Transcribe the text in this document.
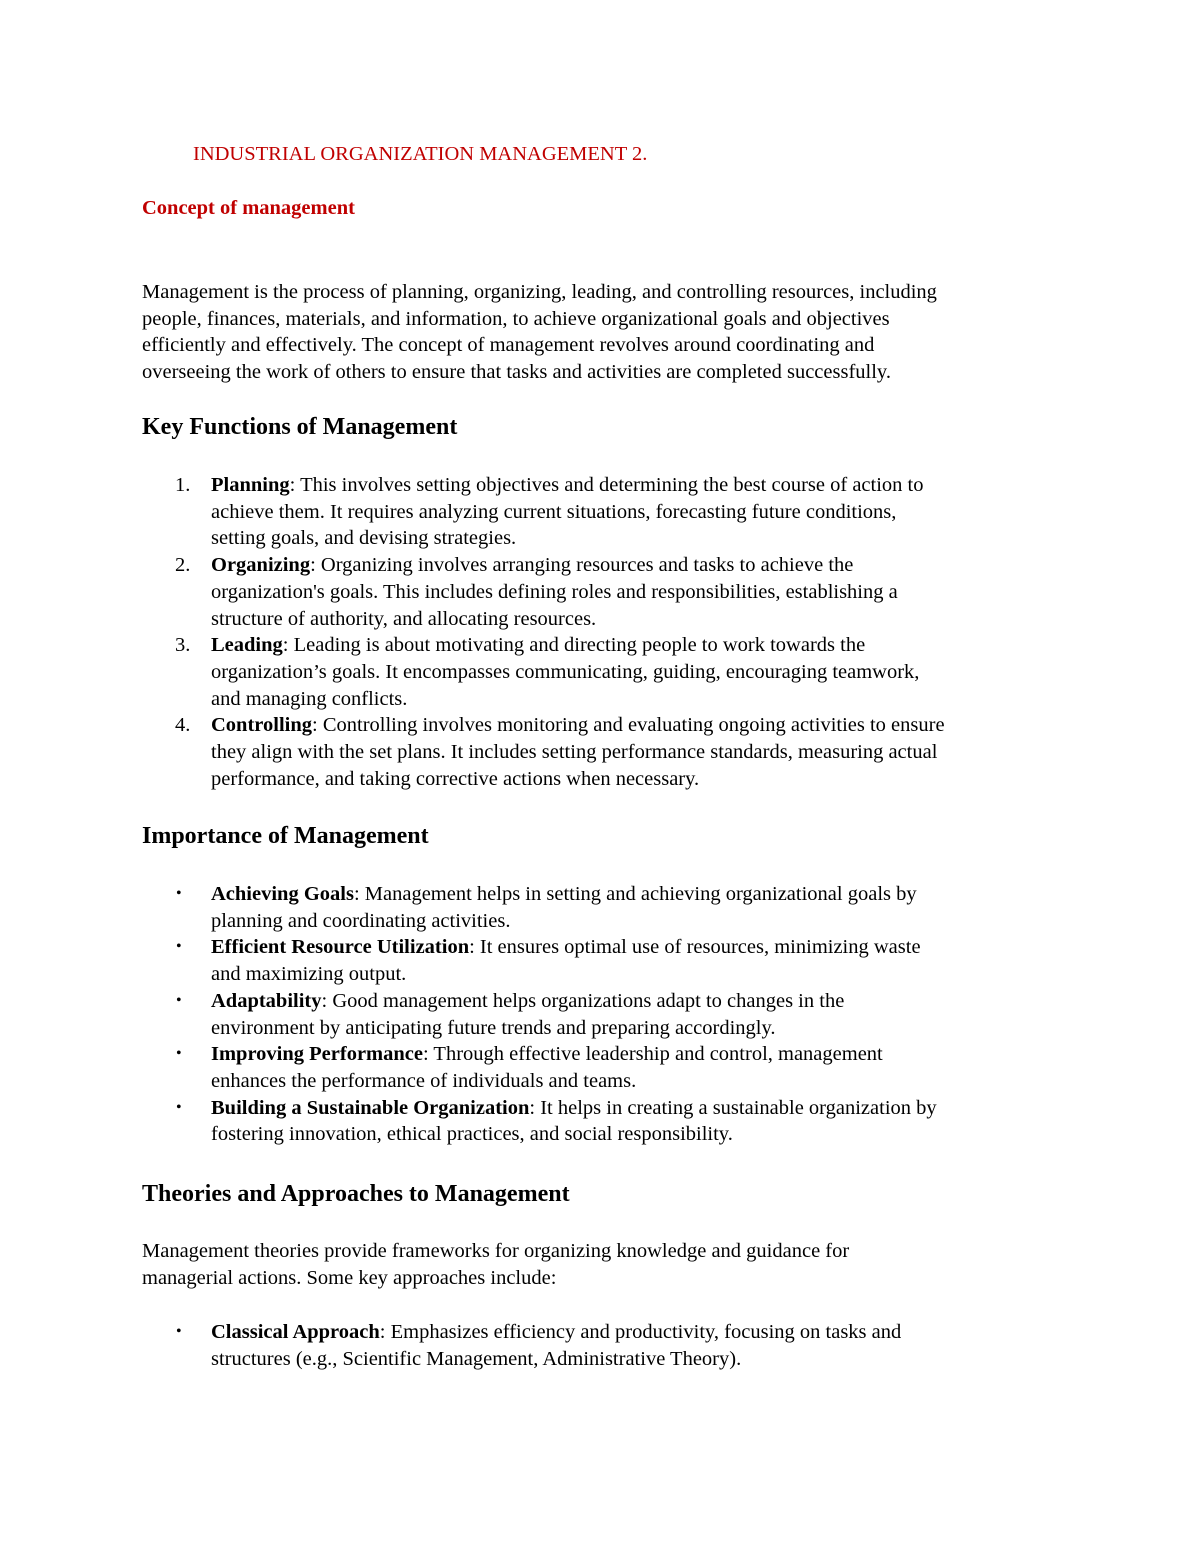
INDUSTRIAL ORGANIZATION MANAGEMENT 2.
Concept of management

Management is the process of planning, organizing, leading, and controlling resources, including
people, finances, materials, and information, to achieve organizational goals and objectives
efficiently and effectively. The concept of management revolves around coordinating and
overseeing the work of others to ensure that tasks and activities are completed successfully.

Key Functions of Management
1. Planning: This involves setting objectives and determining the best course of action to
achieve them. It requires analyzing current situations, forecasting future conditions,
setting goals, and devising strategies.
2. Organizing: Organizing involves arranging resources and tasks to achieve the
organization's goals. This includes defining roles and responsibilities, establishing a
structure of authority, and allocating resources.
3. Leading: Leading is about motivating and directing people to work towards the
organization’s goals. It encompasses communicating, guiding, encouraging teamwork,
and managing conflicts.
4. Controlling: Controlling involves monitoring and evaluating ongoing activities to ensure
they align with the set plans. It includes setting performance standards, measuring actual
performance, and taking corrective actions when necessary.
Importance of Management
• Achieving Goals: Management helps in setting and achieving organizational goals by
planning and coordinating activities.
• Efficient Resource Utilization: It ensures optimal use of resources, minimizing waste
and maximizing output.
• Adaptability: Good management helps organizations adapt to changes in the
environment by anticipating future trends and preparing accordingly.
• Improving Performance: Through effective leadership and control, management
enhances the performance of individuals and teams.
• Building a Sustainable Organization: It helps in creating a sustainable organization by
fostering innovation, ethical practices, and social responsibility.
Theories and Approaches to Management

Management theories provide frameworks for organizing knowledge and guidance for
managerial actions. Some key approaches include:

• Classical Approach: Emphasizes efficiency and productivity, focusing on tasks and
structures (e.g., Scientific Management, Administrative Theory).
